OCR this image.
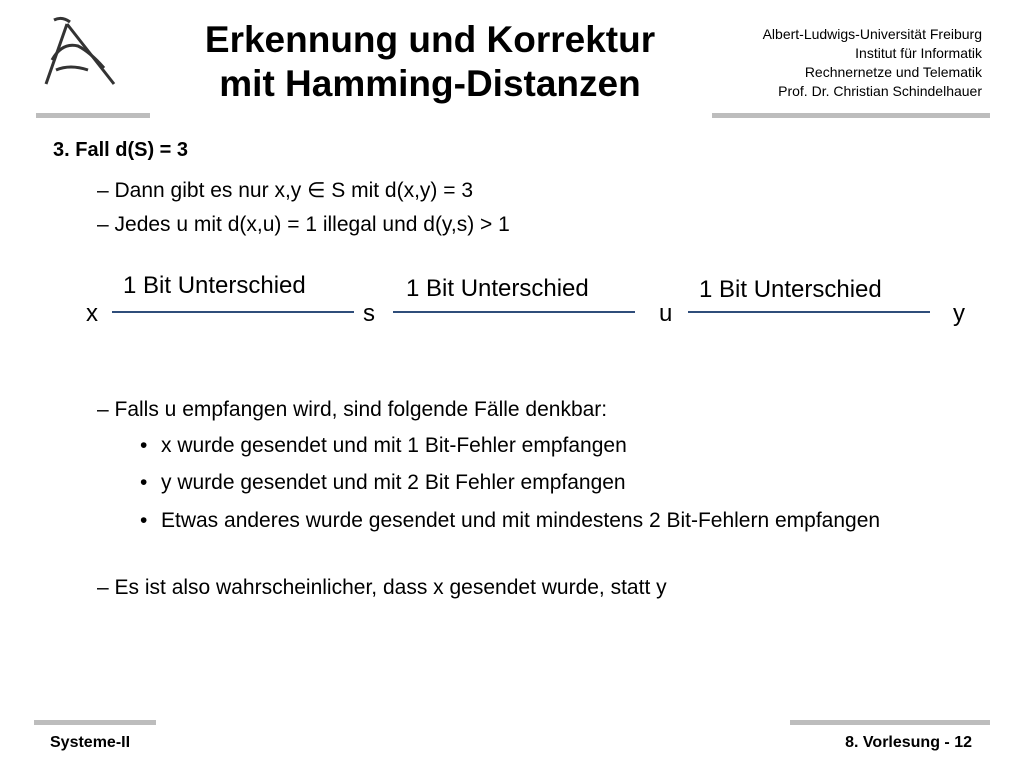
Erkennung und Korrektur
mit Hamming-Distanzen
Albert-Ludwigs-Universität Freiburg
Institut für Informatik
Rechnernetze und Telematik
Prof. Dr. Christian Schindelhauer
3. Fall d(S) = 3
– Dann gibt es nur x,y ∈ S mit d(x,y) = 3
– Jedes u mit d(x,u) = 1 illegal und d(y,s) > 1
1 Bit Unterschied	1 Bit Unterschied	1 Bit Unterschied
x	s	u	y
– Falls u empfangen wird, sind folgende Fälle denkbar:
• x wurde gesendet und mit 1 Bit-Fehler empfangen
• y wurde gesendet und mit 2 Bit Fehler empfangen
• Etwas anderes wurde gesendet und mit mindestens 2 Bit-Fehlern empfangen
– Es ist also wahrscheinlicher, dass x gesendet wurde, statt y
Systeme-II	8. Vorlesung - 12
